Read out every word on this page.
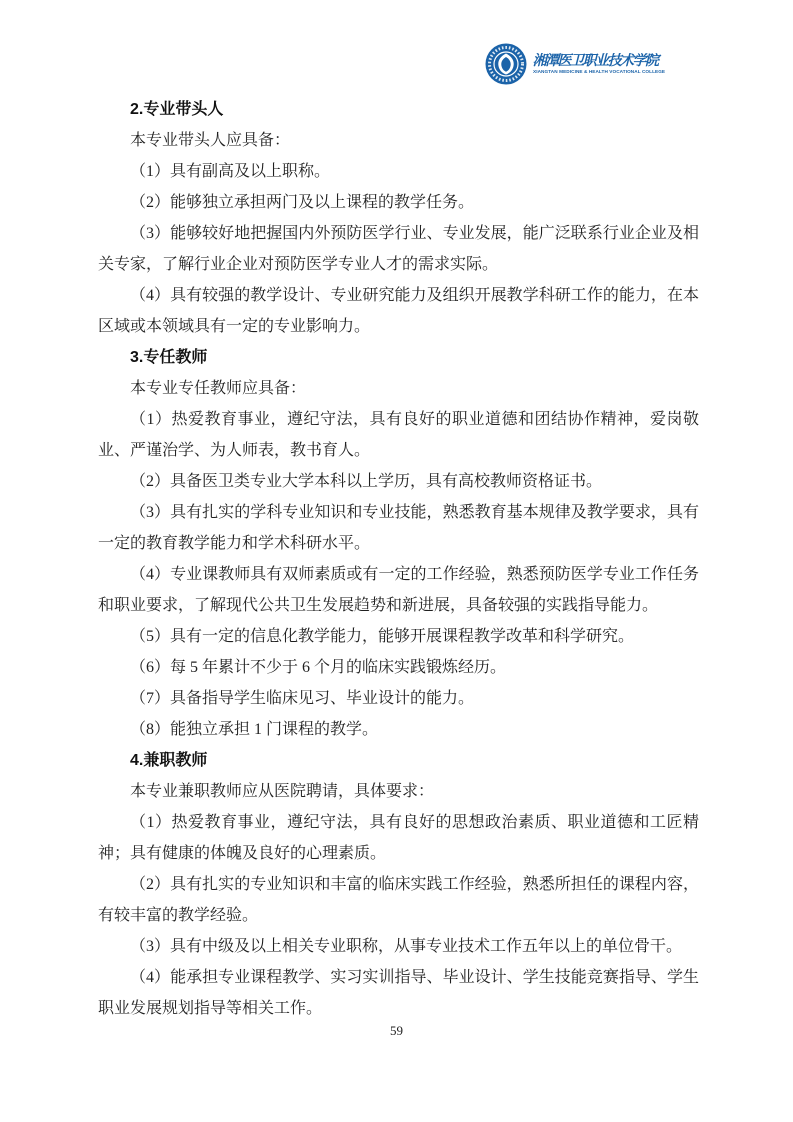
湘潭医卫职业技术学院
XIANGTAN MEDICINE & HEALTH VOCATIONAL COLLEGE
2.专业带头人

本专业带头人应具备：

（1）具有副高及以上职称。

（2）能够独立承担两门及以上课程的教学任务。

（3）能够较好地把握国内外预防医学行业、专业发展，能广泛联系行业企业及相关专家，了解行业企业对预防医学专业人才的需求实际。

（4）具有较强的教学设计、专业研究能力及组织开展教学科研工作的能力，在本区域或本领域具有一定的专业影响力。

3.专任教师

本专业专任教师应具备：

（1）热爱教育事业，遵纪守法，具有良好的职业道德和团结协作精神，爱岗敬业、严谨治学、为人师表，教书育人。

（2）具备医卫类专业大学本科以上学历，具有高校教师资格证书。

（3）具有扎实的学科专业知识和专业技能，熟悉教育基本规律及教学要求，具有一定的教育教学能力和学术科研水平。

（4）专业课教师具有双师素质或有一定的工作经验，熟悉预防医学专业工作任务和职业要求，了解现代公共卫生发展趋势和新进展，具备较强的实践指导能力。

（5）具有一定的信息化教学能力，能够开展课程教学改革和科学研究。

（6）每 5 年累计不少于 6 个月的临床实践锻炼经历。

（7）具备指导学生临床见习、毕业设计的能力。

（8）能独立承担 1 门课程的教学。

4.兼职教师

本专业兼职教师应从医院聘请，具体要求：

（1）热爱教育事业，遵纪守法，具有良好的思想政治素质、职业道德和工匠精神；具有健康的体魄及良好的心理素质。

（2）具有扎实的专业知识和丰富的临床实践工作经验，熟悉所担任的课程内容，有较丰富的教学经验。

（3）具有中级及以上相关专业职称，从事专业技术工作五年以上的单位骨干。

（4）能承担专业课程教学、实习实训指导、毕业设计、学生技能竞赛指导、学生职业发展规划指导等相关工作。

59
